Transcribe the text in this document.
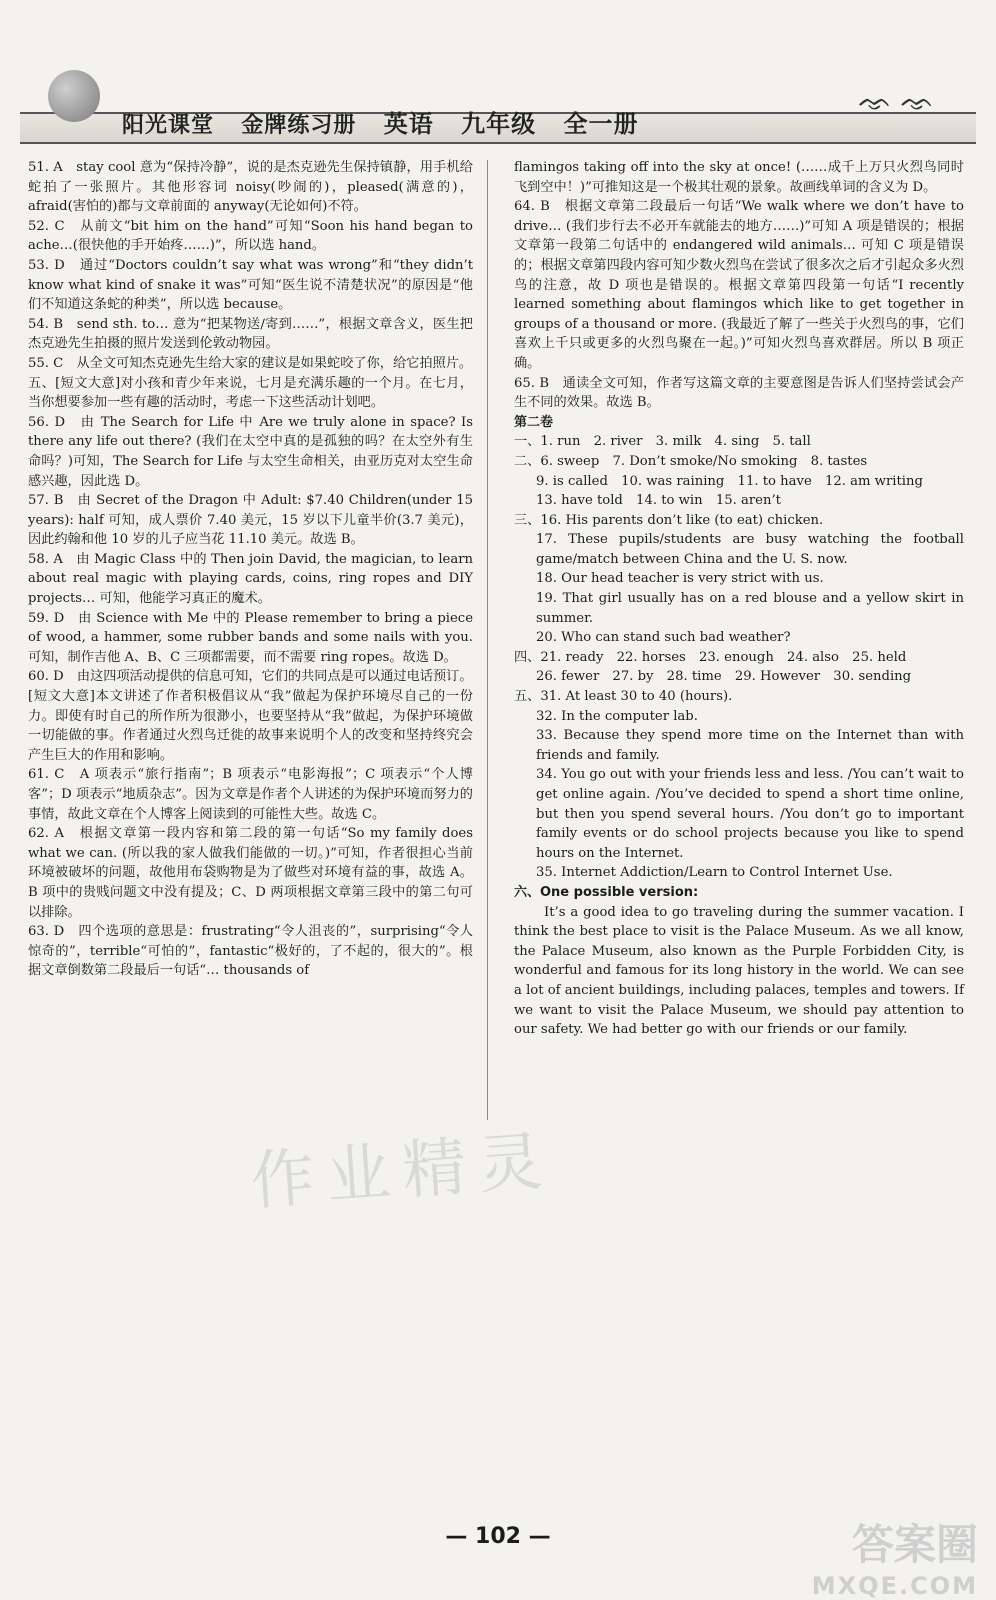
阳光课堂 金牌练习册 英语 九年级 全一册
ᨎ ᨎ

51. A　stay cool 意为“保持冷静”，说的是杰克逊先生保持镇静，用手机给蛇拍了一张照片。其他形容词 noisy(吵闹的)，pleased(满意的)，afraid(害怕的)都与文章前面的 anyway(无论如何)不符。

52. C　从前文“bit him on the hand”可知“Soon his hand began to ache…(很快他的手开始疼……)”，所以选 hand。

53. D　通过“Doctors couldn’t say what was wrong”和“they didn’t know what kind of snake it was”可知“医生说不清楚状况”的原因是“他们不知道这条蛇的种类”，所以选 because。

54. B　send sth. to… 意为“把某物送/寄到……”，根据文章含义，医生把杰克逊先生拍摄的照片发送到伦敦动物园。

55. C　从全文可知杰克逊先生给大家的建议是如果蛇咬了你，给它拍照片。

五、[短文大意]对小孩和青少年来说，七月是充满乐趣的一个月。在七月，当你想要参加一些有趣的活动时，考虑一下这些活动计划吧。

56. D　由 The Search for Life 中 Are we truly alone in space? Is there any life out there? (我们在太空中真的是孤独的吗？在太空外有生命吗？)可知，The Search for Life 与太空生命相关，由亚历克对太空生命感兴趣，因此选 D。

57. B　由 Secret of the Dragon 中 Adult: $7.40 Children(under 15 years): half 可知，成人票价 7.40 美元，15 岁以下儿童半价(3.7 美元)，因此约翰和他 10 岁的儿子应当花 11.10 美元。故选 B。

58. A　由 Magic Class 中的 Then join David, the magician, to learn about real magic with playing cards, coins, ring ropes and DIY projects… 可知，他能学习真正的魔术。

59. D　由 Science with Me 中的 Please remember to bring a piece of wood, a hammer, some rubber bands and some nails with you. 可知，制作吉他 A、B、C 三项都需要，而不需要 ring ropes。故选 D。

60. D　由这四项活动提供的信息可知，它们的共同点是可以通过电话预订。

[短文大意]本文讲述了作者积极倡议从“我”做起为保护环境尽自己的一份力。即使有时自己的所作所为很渺小，也要坚持从“我”做起，为保护环境做一切能做的事。作者通过火烈鸟迁徙的故事来说明个人的改变和坚持终究会产生巨大的作用和影响。

61. C　A 项表示“旅行指南”；B 项表示“电影海报”；C 项表示“个人博客”；D 项表示“地质杂志”。因为文章是作者个人讲述的为保护环境而努力的事情，故此文章在个人博客上阅读到的可能性大些。故选 C。

62. A　根据文章第一段内容和第二段的第一句话“So my family does what we can. (所以我的家人做我们能做的一切。)”可知，作者很担心当前环境被破坏的问题，故他用布袋购物是为了做些对环境有益的事，故选 A。B 项中的贵贱问题文中没有提及；C、D 两项根据文章第三段中的第二句可以排除。

63. D　四个选项的意思是：frustrating“令人沮丧的”，surprising“令人惊奇的”，terrible“可怕的”，fantastic“极好的，了不起的，很大的”。根据文章倒数第二段最后一句话“… thousands of

flamingos taking off into the sky at once! (……成千上万只火烈鸟同时飞到空中！)”可推知这是一个极其壮观的景象。故画线单词的含义为 D。

64. B　根据文章第二段最后一句话“We walk where we don’t have to drive… (我们步行去不必开车就能去的地方……)”可知 A 项是错误的；根据文章第一段第二句话中的 endangered wild animals… 可知 C 项是错误的；根据文章第四段内容可知少数火烈鸟在尝试了很多次之后才引起众多火烈鸟的注意，故 D 项也是错误的。根据文章第四段第一句话“I recently learned something about flamingos which like to get together in groups of a thousand or more. (我最近了解了一些关于火烈鸟的事，它们喜欢上千只或更多的火烈鸟聚在一起。)”可知火烈鸟喜欢群居。所以 B 项正确。

65. B　通读全文可知，作者写这篇文章的主要意图是告诉人们坚持尝试会产生不同的效果。故选 B。

第二卷

一、1. run　2. river　3. milk　4. sing　5. tall

二、6. sweep　7. Don’t smoke/No smoking　8. tastes

9. is called　10. was raining　11. to have　12. am writing

13. have told　14. to win　15. aren’t

三、16. His parents don’t like (to eat) chicken.

17. These pupils/students are busy watching the football game/match between China and the U. S. now.

18. Our head teacher is very strict with us.

19. That girl usually has on a red blouse and a yellow skirt in summer.

20. Who can stand such bad weather?

四、21. ready　22. horses　23. enough　24. also　25. held

26. fewer　27. by　28. time　29. However　30. sending

五、31. At least 30 to 40 (hours).

32. In the computer lab.

33. Because they spend more time on the Internet than with friends and family.

34. You go out with your friends less and less. /You can’t wait to get online again. /You’ve decided to spend a short time online, but then you spend several hours. /You don’t go to important family events or do school projects because you like to spend hours on the Internet.

35. Internet Addiction/Learn to Control Internet Use.

六、One possible version:

It’s a good idea to go traveling during the summer vacation. I think the best place to visit is the Palace Museum. As we all know, the Palace Museum, also known as the Purple Forbidden City, is wonderful and famous for its long history in the world. We can see a lot of ancient buildings, including palaces, temples and towers. If we want to visit the Palace Museum, we should pay attention to our safety. We had better go with our friends or our family.

作业精灵
— 102 —	答案圈
MXQE.COM
